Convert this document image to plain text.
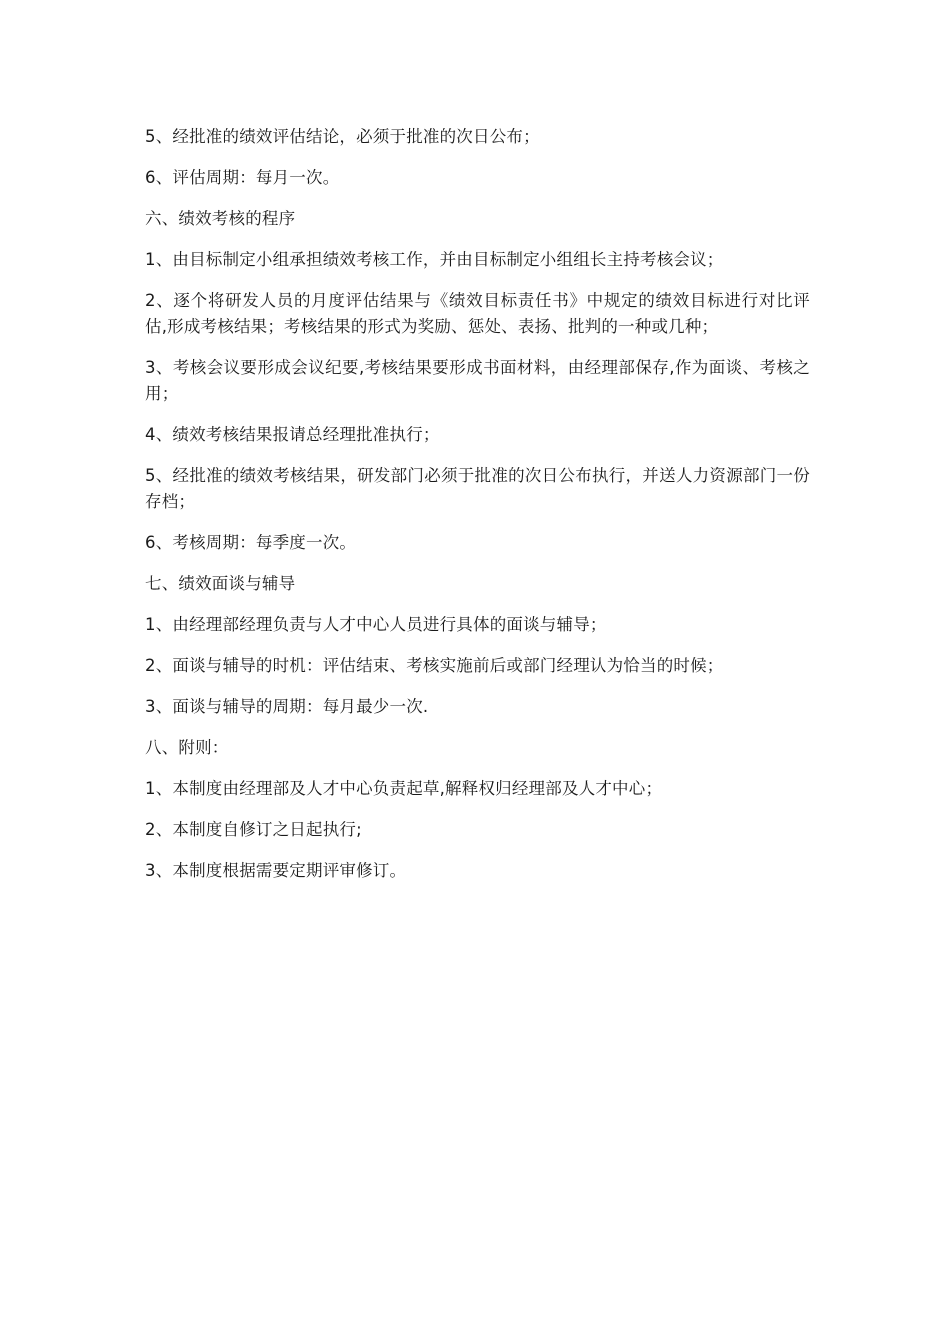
5、经批准的绩效评估结论，必须于批准的次日公布；

6、评估周期：每月一次。

六、绩效考核的程序

1、由目标制定小组承担绩效考核工作，并由目标制定小组组长主持考核会议；

2、逐个将研发人员的月度评估结果与《绩效目标责任书》中规定的绩效目标进行对比评估,形成考核结果；考核结果的形式为奖励、惩处、表扬、批判的一种或几种；

3、考核会议要形成会议纪要,考核结果要形成书面材料，由经理部保存,作为面谈、考核之用；

4、绩效考核结果报请总经理批准执行；

5、经批准的绩效考核结果，研发部门必须于批准的次日公布执行，并送人力资源部门一份存档；

6、考核周期：每季度一次。

七、绩效面谈与辅导

1、由经理部经理负责与人才中心人员进行具体的面谈与辅导；

2、面谈与辅导的时机：评估结束、考核实施前后或部门经理认为恰当的时候；

3、面谈与辅导的周期：每月最少一次.

八、附则：

1、本制度由经理部及人才中心负责起草,解释权归经理部及人才中心；

2、本制度自修订之日起执行;

3、本制度根据需要定期评审修订。
